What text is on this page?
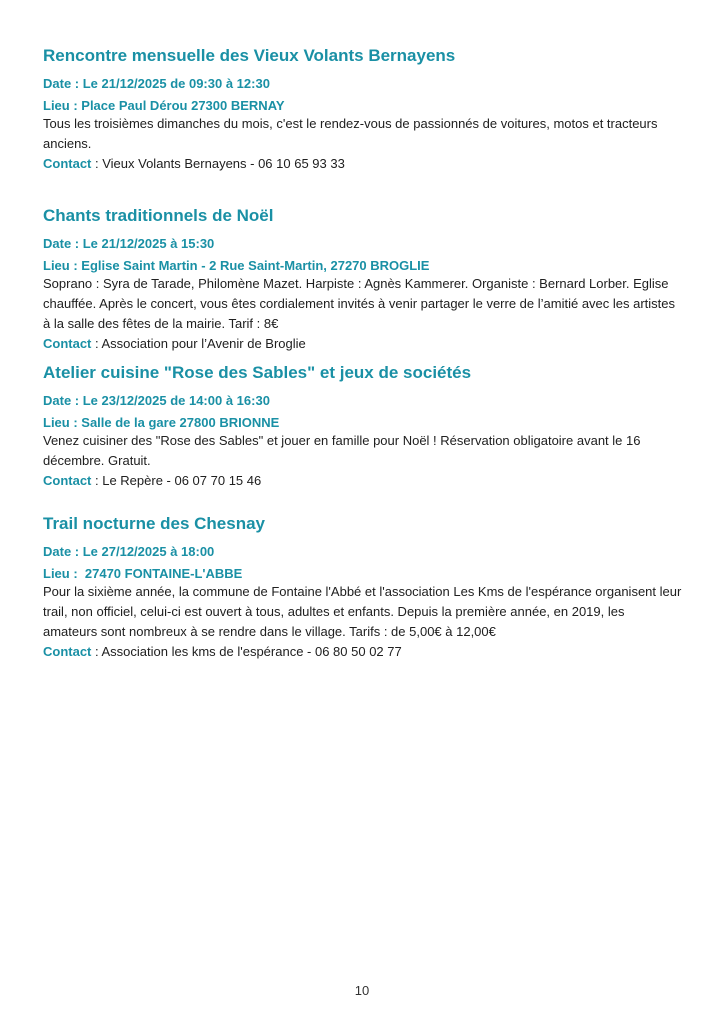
Rencontre mensuelle des Vieux Volants Bernayens

Date : Le 21/12/2025 de 09:30 à 12:30

Lieu : Place Paul Dérou 27300 BERNAY

Tous les troisièmes dimanches du mois, c'est le rendez-vous de passionnés de voitures, motos et tracteurs anciens.
Contact : Vieux Volants Bernayens - 06 10 65 93 33
Chants traditionnels de Noël

Date : Le 21/12/2025 à 15:30

Lieu : Eglise Saint Martin - 2 Rue Saint-Martin, 27270 BROGLIE

Soprano : Syra de Tarade, Philomène Mazet. Harpiste : Agnès Kammerer. Organiste : Bernard Lorber. Eglise chauffée. Après le concert, vous êtes cordialement invités à venir partager le verre de l’amitié avec les artistes à la salle des fêtes de la mairie. Tarif : 8€
Contact : Association pour l’Avenir de Broglie
Atelier cuisine "Rose des Sables" et jeux de sociétés

Date : Le 23/12/2025 de 14:00 à 16:30

Lieu : Salle de la gare 27800 BRIONNE

Venez cuisiner des "Rose des Sables" et jouer en famille pour Noël ! Réservation obligatoire avant le 16 décembre. Gratuit.
Contact : Le Repère - 06 07 70 15 46
Trail nocturne des Chesnay

Date : Le 27/12/2025 à 18:00

Lieu :  27470 FONTAINE-L'ABBE

Pour la sixième année, la commune de Fontaine l'Abbé et l'association Les Kms de l'espérance organisent leur trail, non officiel, celui-ci est ouvert à tous, adultes et enfants. Depuis la première année, en 2019, les amateurs sont nombreux à se rendre dans le village. Tarifs : de 5,00€ à 12,00€
Contact : Association les kms de l'espérance - 06 80 50 02 77
10
